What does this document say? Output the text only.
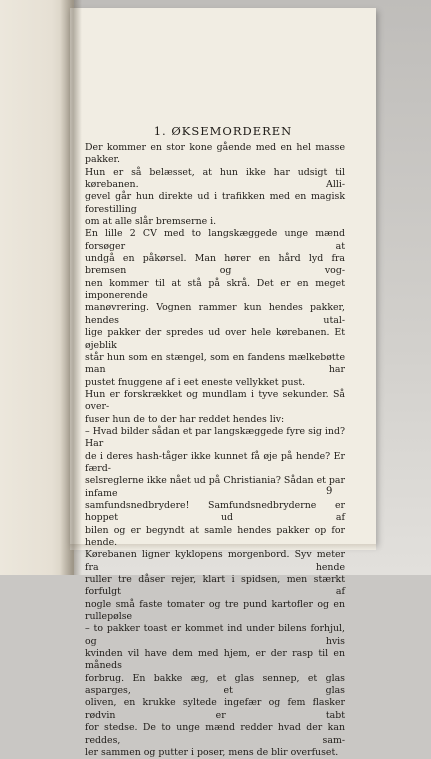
1. ØKSEMORDEREN
Der kommer en stor kone gående med en hel masse pakker.
Hun er så belæsset, at hun ikke har udsigt til kørebanen. Alli-
gevel går hun direkte ud i trafikken med en magisk forestilling
om at alle slår bremserne i.
En lille 2 CV med to langskæggede unge mænd forsøger at
undgå en påkørsel. Man hører en hård lyd fra bremsen og vog-
nen kommer til at stå på skrå. Det er en meget imponerende
manøvrering. Vognen rammer kun hendes pakker, hendes utal-
lige pakker der spredes ud over hele kørebanen. Et øjeblik
står hun som en stængel, som en fandens mælkebøtte man har
pustet fnuggene af i eet eneste vellykket pust.
Hun er forskrækket og mundlam i tyve sekunder. Så over-
fuser hun de to der har reddet hendes liv:
– Hvad bilder sådan et par langskæggede fyre sig ind? Har
de i deres hash-tåger ikke kunnet få øje på hende? Er færd-
selsreglerne ikke nået ud på Christiania? Sådan et par infame
samfundsnedbrydere! Samfundsnedbryderne er hoppet ud af
bilen og er begyndt at samle hendes pakker op for hende.
Kørebanen ligner kyklopens morgenbord. Syv meter fra hende
ruller tre dåser rejer, klart i spidsen, men stærkt forfulgt af
nogle små faste tomater og tre pund kartofler og en rullepølse
– to pakker toast er kommet ind under bilens forhjul, og hvis
kvinden vil have dem med hjem, er der rasp til en måneds
forbrug. En bakke æg, et glas sennep, et glas asparges, et glas
oliven, en krukke syltede ingefær og fem flasker rødvin er tabt
for stedse. De to unge mænd redder hvad der kan reddes, sam-
ler sammen og putter i poser, mens de blir overfuset.
9
